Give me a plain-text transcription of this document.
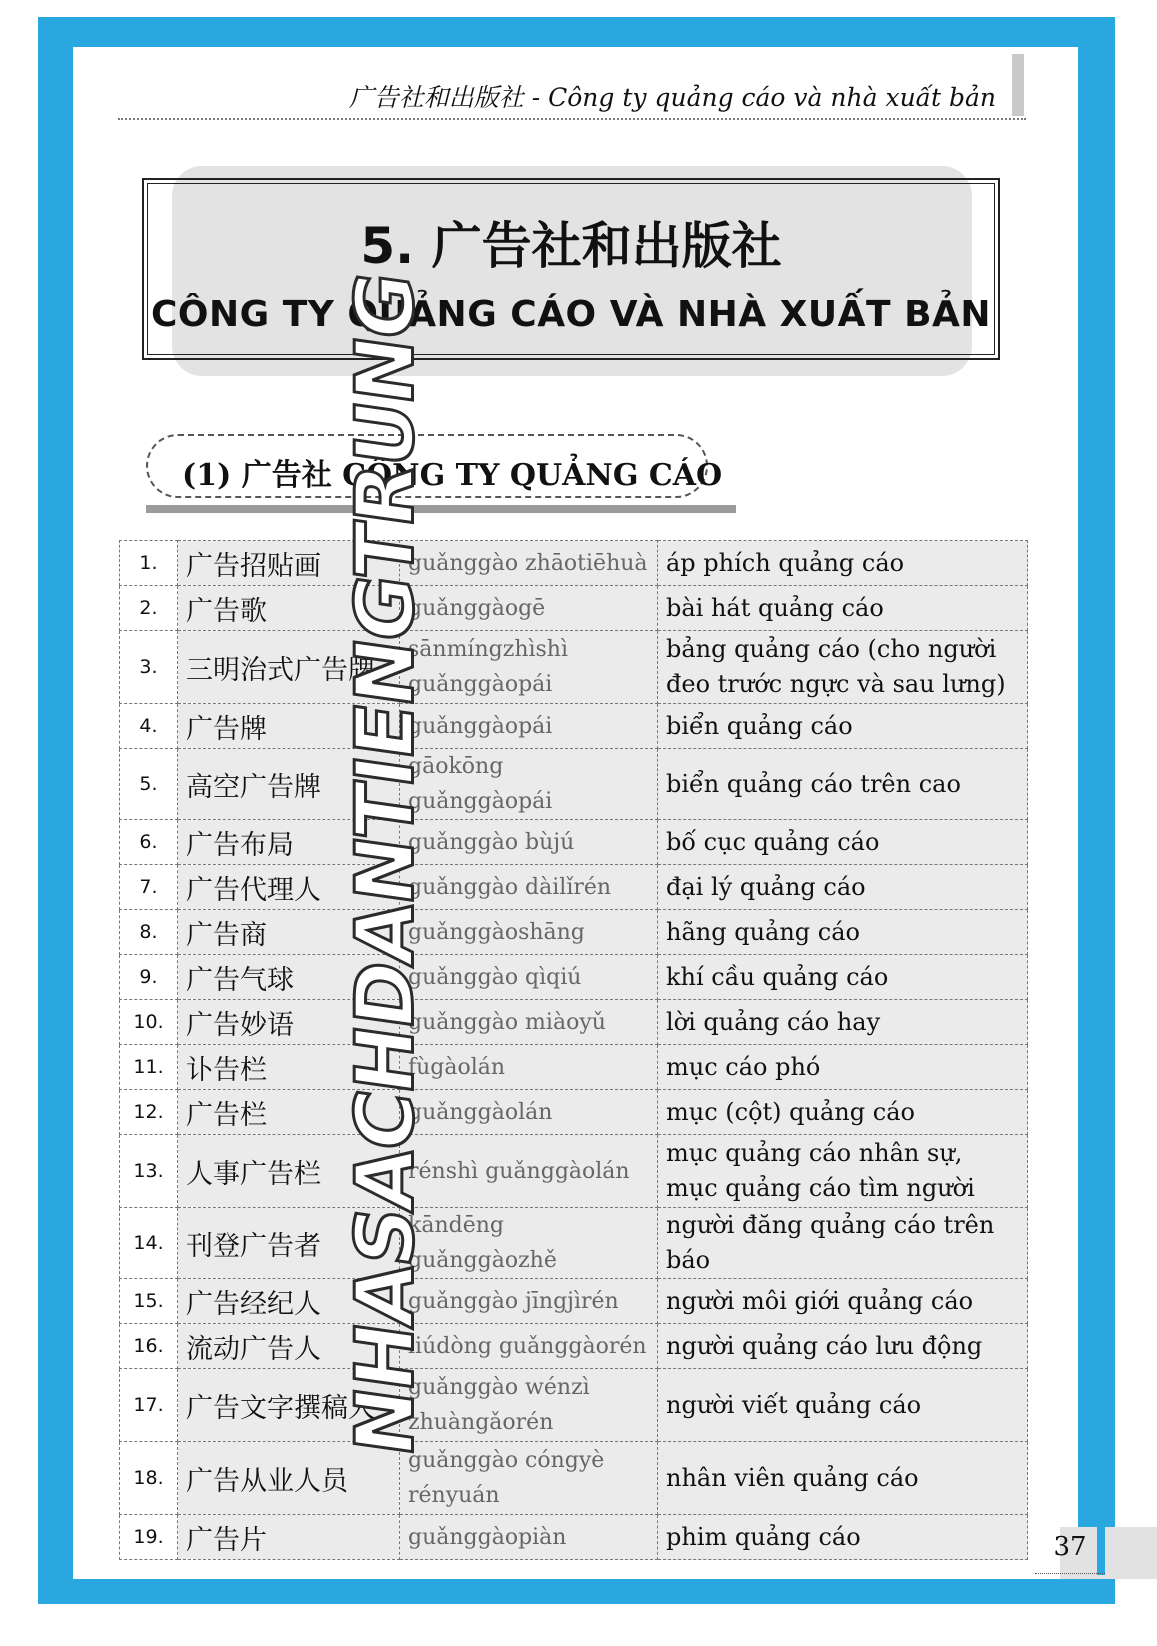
广告社和出版社 - Công ty quảng cáo và nhà xuất bản
5. 广告社和出版社
CÔNG TY QUẢNG CÁO VÀ NHÀ XUẤT BẢN
(1) 广告社 CÔNG TY QUẢNG CÁO
1.	广告招贴画	guǎnggào zhāotiēhuà	áp phích quảng cáo
2.	广告歌	guǎnggàogē	bài hát quảng cáo
3.	三明治式广告牌	sānmíngzhìshì guǎnggàopái	bảng quảng cáo (cho người đeo trước ngực và sau lưng)
4.	广告牌	guǎnggàopái	biển quảng cáo
5.	高空广告牌	gāokōng guǎnggàopái	biển quảng cáo trên cao
6.	广告布局	guǎnggào bùjú	bố cục quảng cáo
7.	广告代理人	guǎnggào dàilǐrén	đại lý quảng cáo
8.	广告商	guǎnggàoshāng	hãng quảng cáo
9.	广告气球	guǎnggào qìqiú	khí cầu quảng cáo
10.	广告妙语	guǎnggào miàoyǔ	lời quảng cáo hay
11.	讣告栏	fùgàolán	mục cáo phó
12.	广告栏	guǎnggàolán	mục (cột) quảng cáo
13.	人事广告栏	rénshì guǎnggàolán	mục quảng cáo nhân sự, mục quảng cáo tìm người
14.	刊登广告者	kāndēng guǎnggàozhě	người đăng quảng cáo trên báo
15.	广告经纪人	guǎnggào jīngjìrén	người môi giới quảng cáo
16.	流动广告人	liúdòng guǎnggàorén	người quảng cáo lưu động
17.	广告文字撰稿人	guǎnggào wénzì zhuàngǎorén	người viết quảng cáo
18.	广告从业人员	guǎnggào cóngyè rényuán	nhân viên quảng cáo
19.	广告片	guǎnggàopiàn	phim quảng cáo
NHASACHDANTIENGTRUNG
37
